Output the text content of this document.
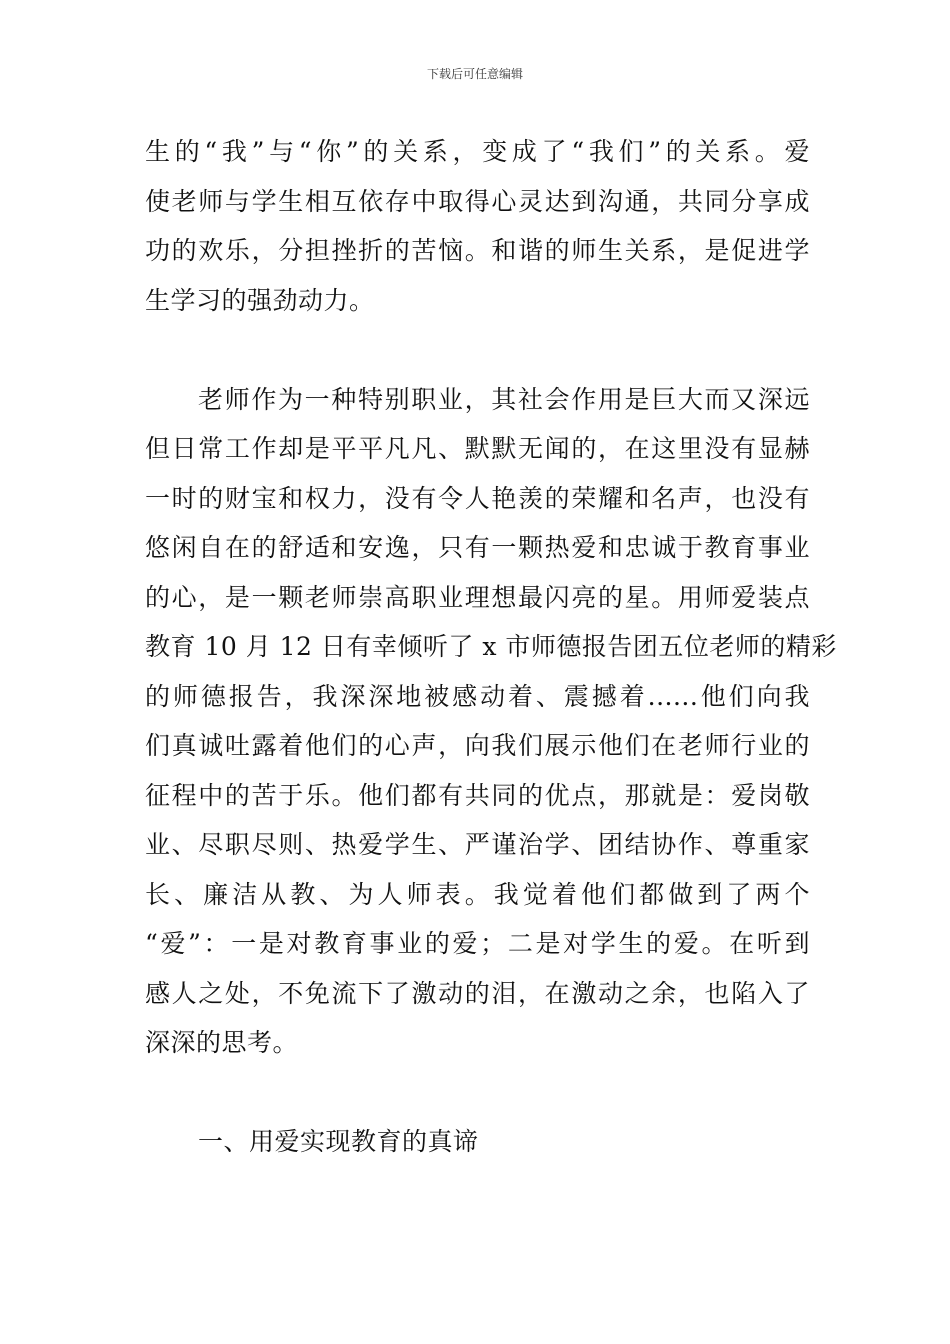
下载后可任意编辑
生的“我”与“你”的关系，变成了“我们”的关系。爱
使老师与学生相互依存中取得心灵达到沟通，共同分享成
功的欢乐，分担挫折的苦恼。和谐的师生关系，是促进学
生学习的强劲动力。
老师作为一种特别职业，其社会作用是巨大而又深远
但日常工作却是平平凡凡、默默无闻的，在这里没有显赫
一时的财宝和权力，没有令人艳羡的荣耀和名声，也没有
悠闲自在的舒适和安逸，只有一颗热爱和忠诚于教育事业
的心，是一颗老师崇高职业理想最闪亮的星。用师爱装点
教育 10 月 12 日有幸倾听了 x 市师德报告团五位老师的精彩
的师德报告，我深深地被感动着、震撼着......他们向我
们真诚吐露着他们的心声，向我们展示他们在老师行业的
征程中的苦于乐。他们都有共同的优点，那就是：爱岗敬
业、尽职尽则、热爱学生、严谨治学、团结协作、尊重家
长、廉洁从教、为人师表。我觉着他们都做到了两个
“爱”：一是对教育事业的爱；二是对学生的爱。在听到
感人之处，不免流下了激动的泪，在激动之余，也陷入了
深深的思考。
一、用爱实现教育的真谛
